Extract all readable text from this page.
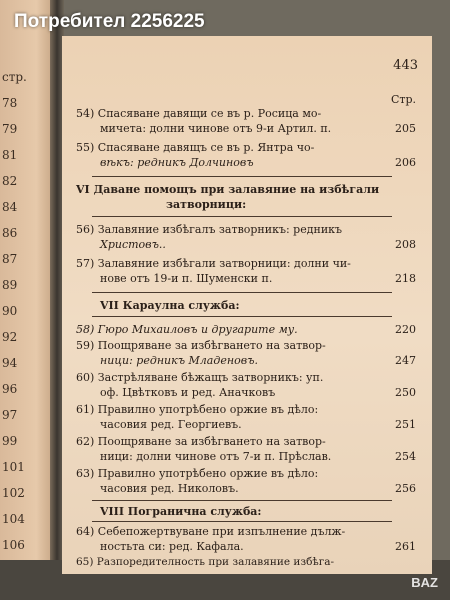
стр.
78
79
81
82
84
86
87
89
90
92
94
96
97
99
101
102
104
106
443
Стр.
54) Спасяване давящи се въ р. Росица мо-
мичета: долни чинове отъ 9-и Артил. п.	205
55) Спасяване давящъ се въ р. Янтра чо-
вѣкъ: редникъ Долчиновъ	206
VI Даване помощъ при залавяние на избѣгали
затворници:
56) Залавяние избѣгалъ затворникъ: редникъ
Христовъ..	208
57) Залавяние избѣгали затворници: долни чи-
нове отъ 19-и п. Шуменски п.	218
VII Караулна служба:
58) Гюро Михаиловъ и другарите му.	220
59) Поощряване за избѣгването на затвор-
ници: редникъ Младеновъ.	247
60) Застрѣляване бѣжащъ затворникъ: уп.
оф. Цвѣтковъ и ред. Аначковъ	250
61) Правилно употрѣбено оржие въ дѣло:
часовия ред. Георгиевъ.	251
62) Поощряване за избѣгването на затвор-
ници: долни чинове отъ 7-и п. Прѣслав.	254
63) Правилно употрѣбено оржие въ дѣло:
часовия ред. Николовъ.	256
VIII Погранична служба:
64) Себепожертвуване при изпълнение дълж-
ностьта си: ред. Кафала.	261
65) Разпоредителность при залавяние избѣга-
Потребител 2256225
BAZ
